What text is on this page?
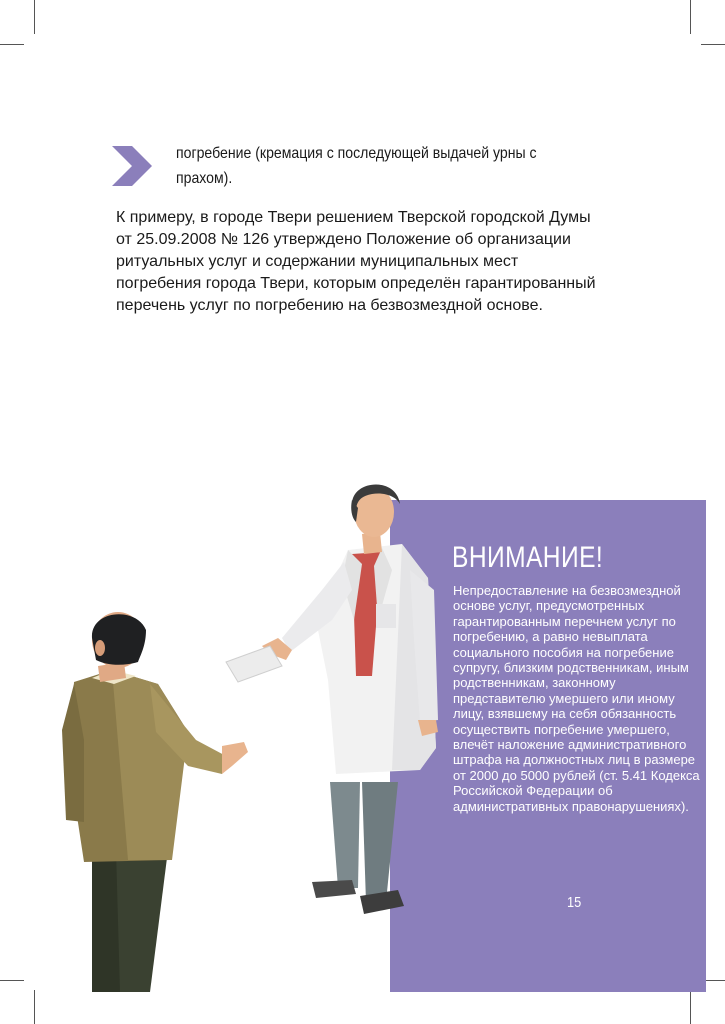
погребение (кремация с последующей выдачей урны с прахом).
К примеру, в городе Твери решением Тверской городской Думы от 25.09.2008 № 126 утверждено Положение об организации ритуальных услуг и содержании муниципальных мест погребения города Твери, которым определён гарантированный перечень услуг по погребению на безвозмездной основе.
ВНИМАНИЕ!
Непредоставление на безвозмездной основе услуг, предусмотренных гарантированным перечнем услуг по погребению, а равно невыплата социального пособия на погребение супругу, близким родственникам, иным родственникам, законному представителю умершего или иному лицу, взявшему на себя обязанность осуществить погребение умершего, влечёт наложение административного штрафа на должностных лиц в размере от 2000 до 5000 рублей (ст. 5.41 Кодекса Российской Федерации об административных правонарушениях).
15
